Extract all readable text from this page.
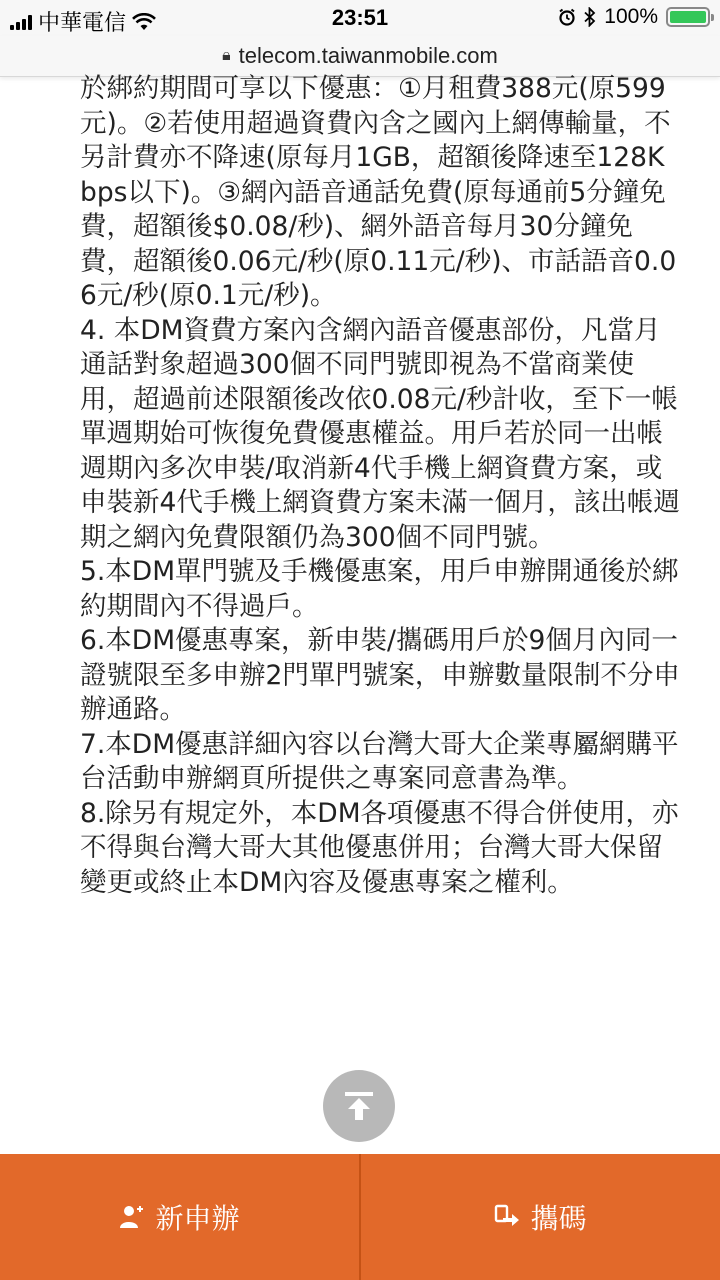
中華電信	23:51	100%
🔒︎ telecom.taiwanmobile.com

於綁約期間可享以下優惠：①月租費388元(原599元)。②若使用超過資費內含之國內上網傳輸量，不另計費亦不降速(原每月1GB，超額後降速至128Kbps以下)。③網內語音通話免費(原每通前5分鐘免費，超額後$0.08/秒)、網外語音每月30分鐘免費，超額後0.06元/秒(原0.11元/秒)、市話語音0.06元/秒(原0.1元/秒)。

4. 本DM資費方案內含網內語音優惠部份，凡當月通話對象超過300個不同門號即視為不當商業使用，超過前述限額後改依0.08元/秒計收，至下一帳單週期始可恢復免費優惠權益。用戶若於同一出帳週期內多次申裝/取消新4代手機上網資費方案，或申裝新4代手機上網資費方案未滿一個月，該出帳週期之網內免費限額仍為300個不同門號。

5.本DM單門號及手機優惠案，用戶申辦開通後於綁約期間內不得過戶。

6.本DM優惠專案，新申裝/攜碼用戶於9個月內同一證號限至多申辦2門單門號案，申辦數量限制不分申辦通路。

7.本DM優惠詳細內容以台灣大哥大企業專屬網購平台活動申辦網頁所提供之專案同意書為準。

8.除另有規定外，本DM各項優惠不得合併使用，亦不得與台灣大哥大其他優惠併用；台灣大哥大保留變更或終止本DM內容及優惠專案之權利。

新申辦	攜碼
